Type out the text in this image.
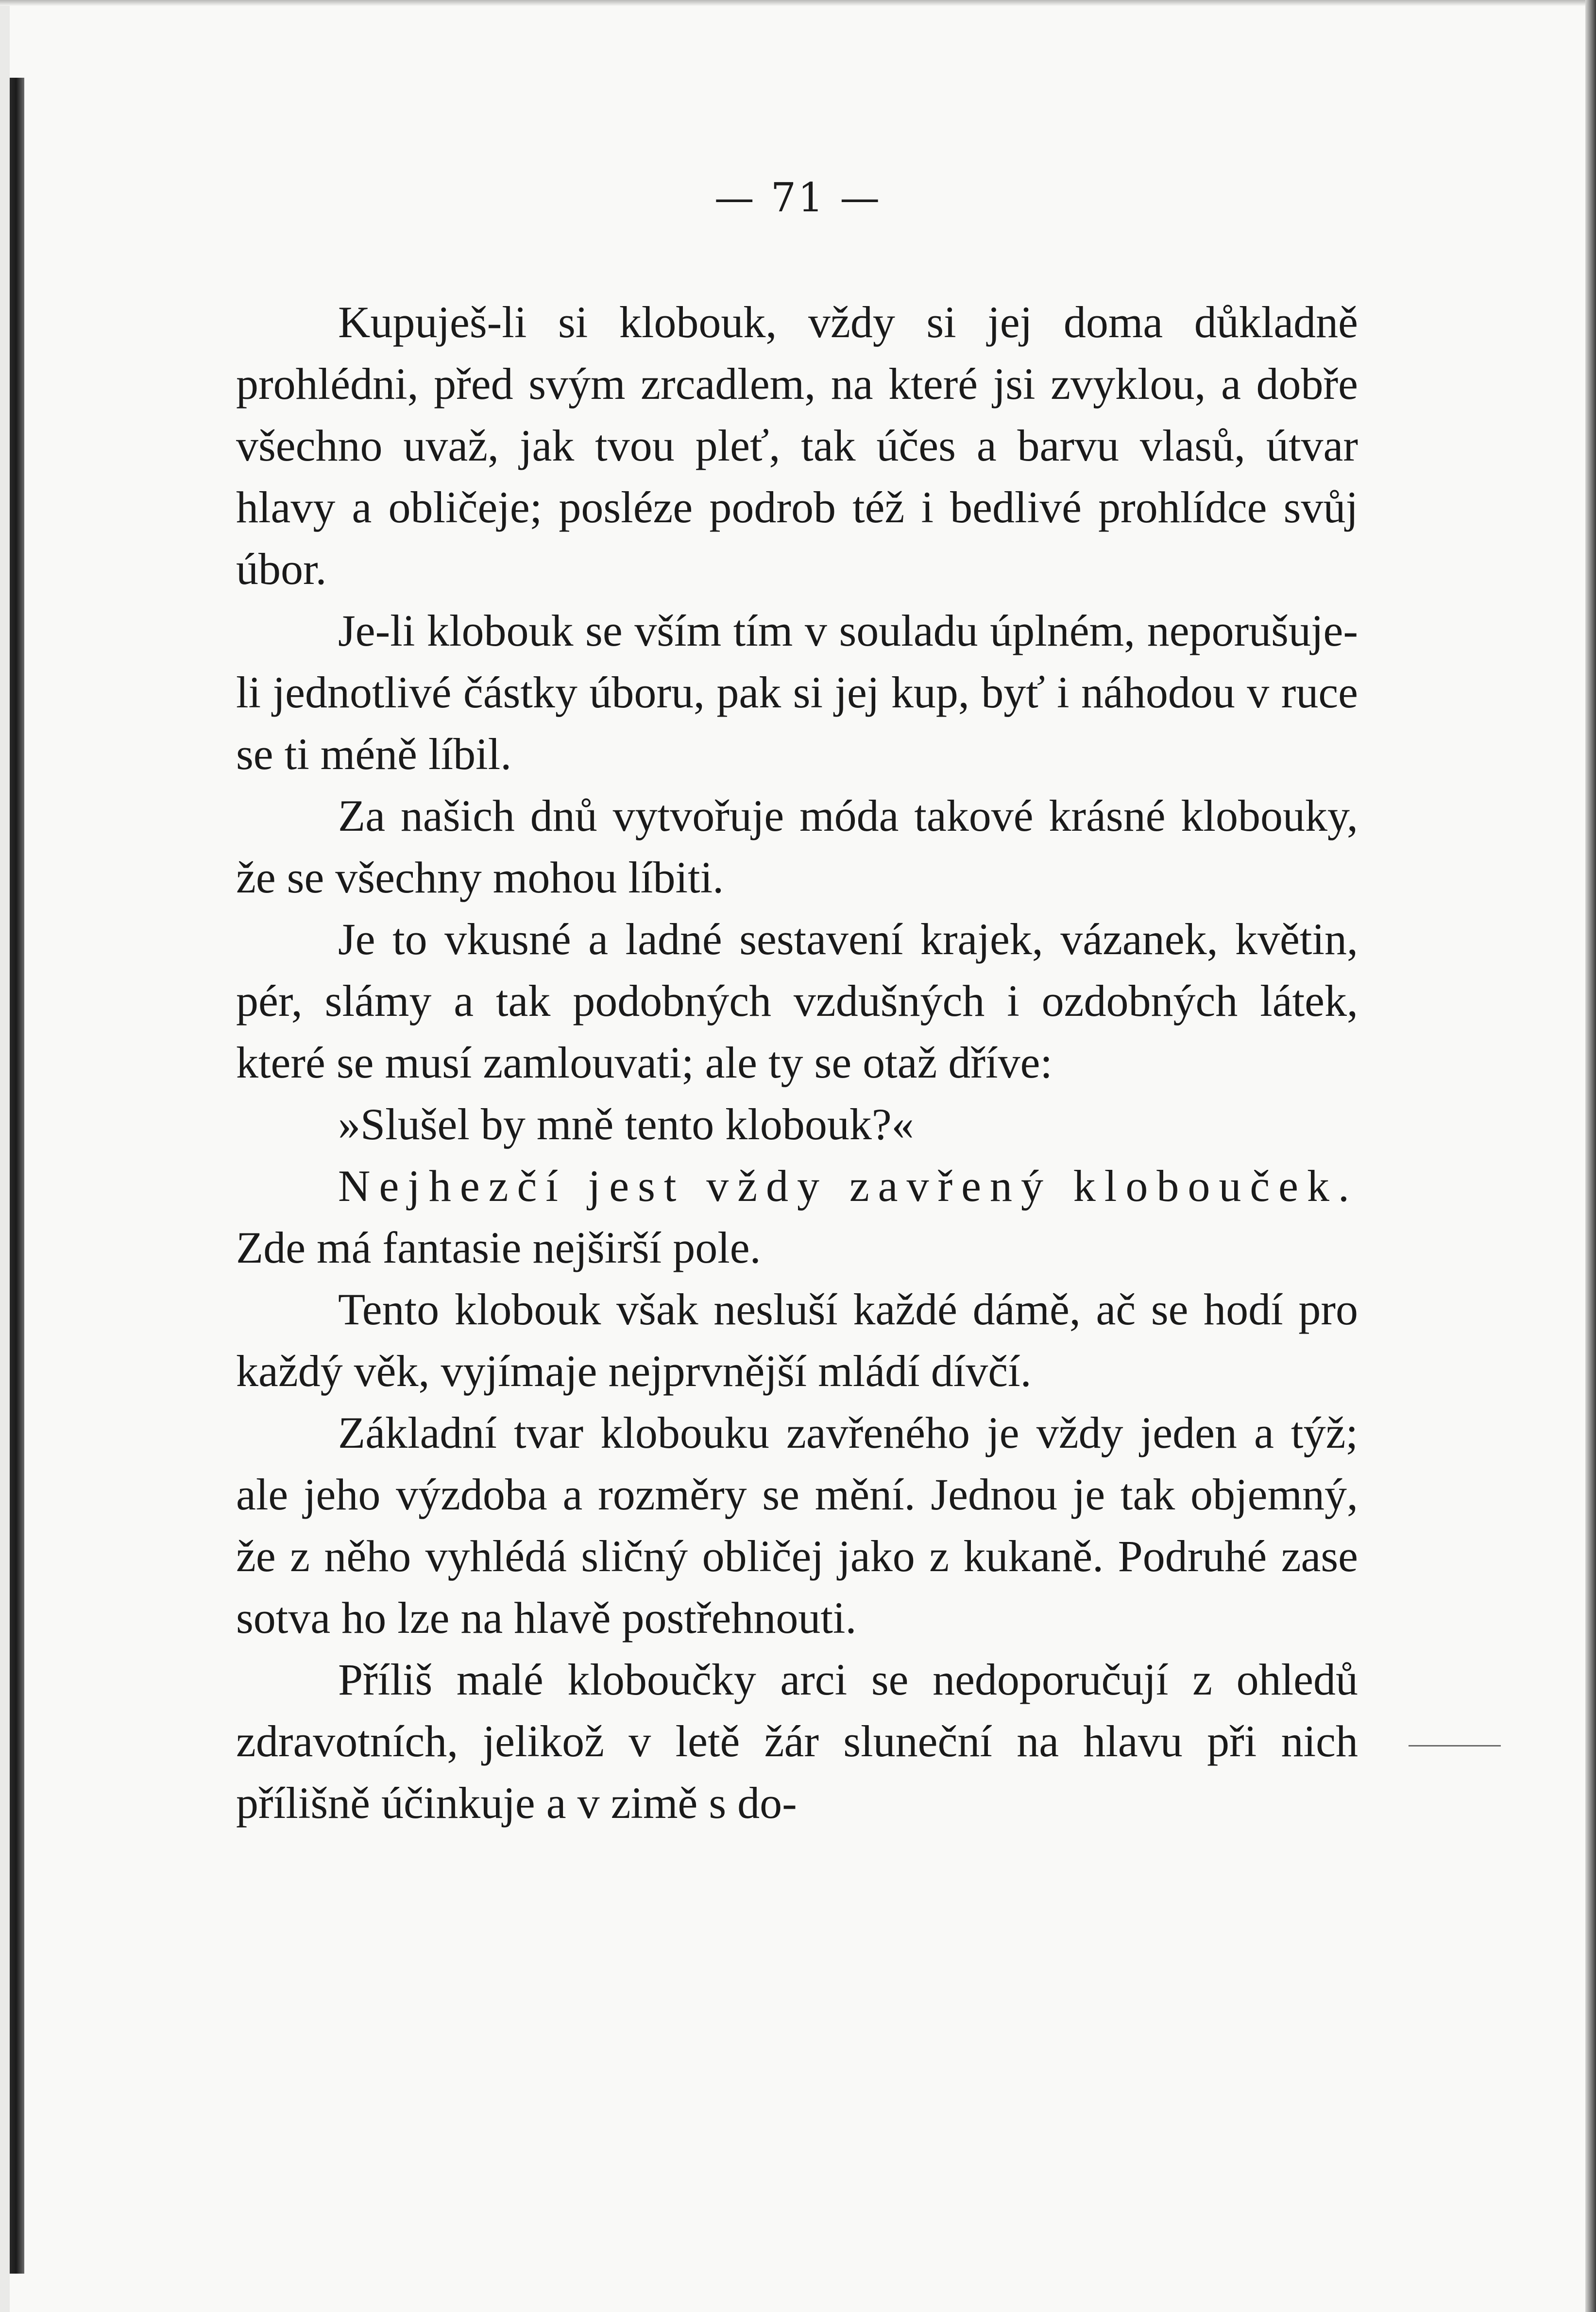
— 71 —

Kupuješ-li si klobouk, vždy si jej doma důkladně prohlédni, před svým zrcadlem, na které jsi zvyklou, a dobře všechno uvaž, jak tvou pleť, tak účes a barvu vlasů, útvar hlavy a obličeje; posléze podrob též i bedlivé prohlídce svůj úbor.

Je-li klobouk se vším tím v souladu úplném, neporušuje-li jednotlivé částky úboru, pak si jej kup, byť i náhodou v ruce se ti méně líbil.

Za našich dnů vytvořuje móda takové krásné klobouky, že se všechny mohou líbiti.

Je to vkusné a ladné sestavení krajek, vázanek, květin, pér, slámy a tak podobných vzdušných i ozdobných látek, které se musí zamlouvati; ale ty se otaž dříve:

»Slušel by mně tento klobouk?«

Nejhezčí jest vždy zavřený klobouček. Zde má fantasie nejširší pole.

Tento klobouk však nesluší každé dámě, ač se hodí pro každý věk, vyjímaje nejprvnější mládí dívčí.

Základní tvar klobouku zavřeného je vždy jeden a týž; ale jeho výzdoba a rozměry se mění. Jednou je tak objemný, že z něho vyhlédá sličný obličej jako z kukaně. Podruhé zase sotva ho lze na hlavě postřehnouti.

Příliš malé kloboučky arci se nedoporučují z ohledů zdravotních, jelikož v letě žár sluneční na hlavu při nich přílišně účinkuje a v zimě s do-
